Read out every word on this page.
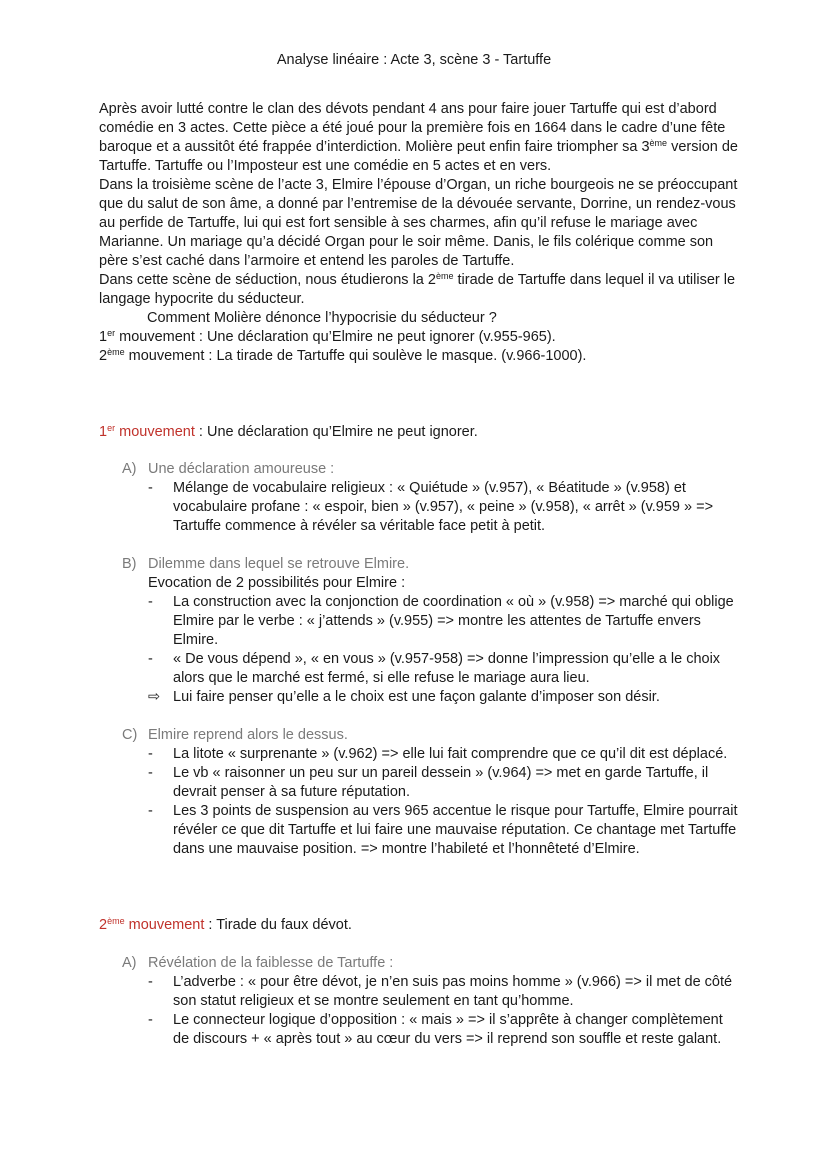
Analyse linéaire : Acte 3, scène 3 - Tartuffe

Après avoir lutté contre le clan des dévots pendant 4 ans pour faire jouer Tartuffe qui est d’abord comédie en 3 actes. Cette pièce a été joué pour la première fois en 1664 dans le cadre d’une fête baroque et a aussitôt été frappée d’interdiction. Molière peut enfin faire triompher sa 3ème version de Tartuffe. Tartuffe ou l’Imposteur est une comédie en 5 actes et en vers.

Dans la troisième scène de l’acte 3, Elmire l’épouse d’Organ, un riche bourgeois ne se préoccupant que du salut de son âme, a donné par l’entremise de la dévouée servante, Dorrine, un rendez-vous au perfide de Tartuffe, lui qui est fort sensible à ses charmes, afin qu’il refuse le mariage avec Marianne. Un mariage qu’a décidé Organ pour le soir même. Danis, le fils colérique comme son père s’est caché dans l’armoire et entend les paroles de Tartuffe.

Dans cette scène de séduction, nous étudierons la 2ème tirade de Tartuffe dans lequel il va utiliser le langage hypocrite du séducteur.

Comment Molière dénonce l’hypocrisie du séducteur ?

1er mouvement : Une déclaration qu’Elmire ne peut ignorer (v.955-965).

2ème mouvement : La tirade de Tartuffe qui soulève le masque. (v.966-1000).

1er mouvement : Une déclaration qu’Elmire ne peut ignorer.
A) Une déclaration amoureuse :
-	Mélange de vocabulaire religieux : « Quiétude » (v.957), « Béatitude » (v.958) et vocabulaire profane : « espoir, bien » (v.957), « peine » (v.958), « arrêt » (v.959 » => Tartuffe commence à révéler sa véritable face petit à petit.
B) Dilemme dans lequel se retrouve Elmire.
Evocation de 2 possibilités pour Elmire :
-	La construction avec la conjonction de coordination « où » (v.958) => marché qui oblige Elmire par le verbe : « j’attends » (v.955) => montre les attentes de Tartuffe envers Elmire.
-	« De vous dépend », « en vous » (v.957-958) => donne l’impression qu’elle a le choix alors que le marché est fermé, si elle refuse le mariage aura lieu.
⇨ Lui faire penser qu’elle a le choix est une façon galante d’imposer son désir.
C) Elmire reprend alors le dessus.
-	La litote « surprenante » (v.962) => elle lui fait comprendre que ce qu’il dit est déplacé.
-	Le vb « raisonner un peu sur un pareil dessein » (v.964) => met en garde Tartuffe, il devrait penser à sa future réputation.
-	Les 3 points de suspension au vers 965 accentue le risque pour Tartuffe, Elmire pourrait révéler ce que dit Tartuffe et lui faire une mauvaise réputation. Ce chantage met Tartuffe dans une mauvaise position. => montre l’habileté et l’honnêteté d’Elmire.
2ème mouvement : Tirade du faux dévot.
A) Révélation de la faiblesse de Tartuffe :
-	L’adverbe : « pour être dévot, je n’en suis pas moins homme » (v.966) => il met de côté son statut religieux et se montre seulement en tant qu’homme.
-	Le connecteur logique d’opposition : « mais » => il s’apprête à changer complètement de discours + « après tout » au cœur du vers => il reprend son souffle et reste galant.
